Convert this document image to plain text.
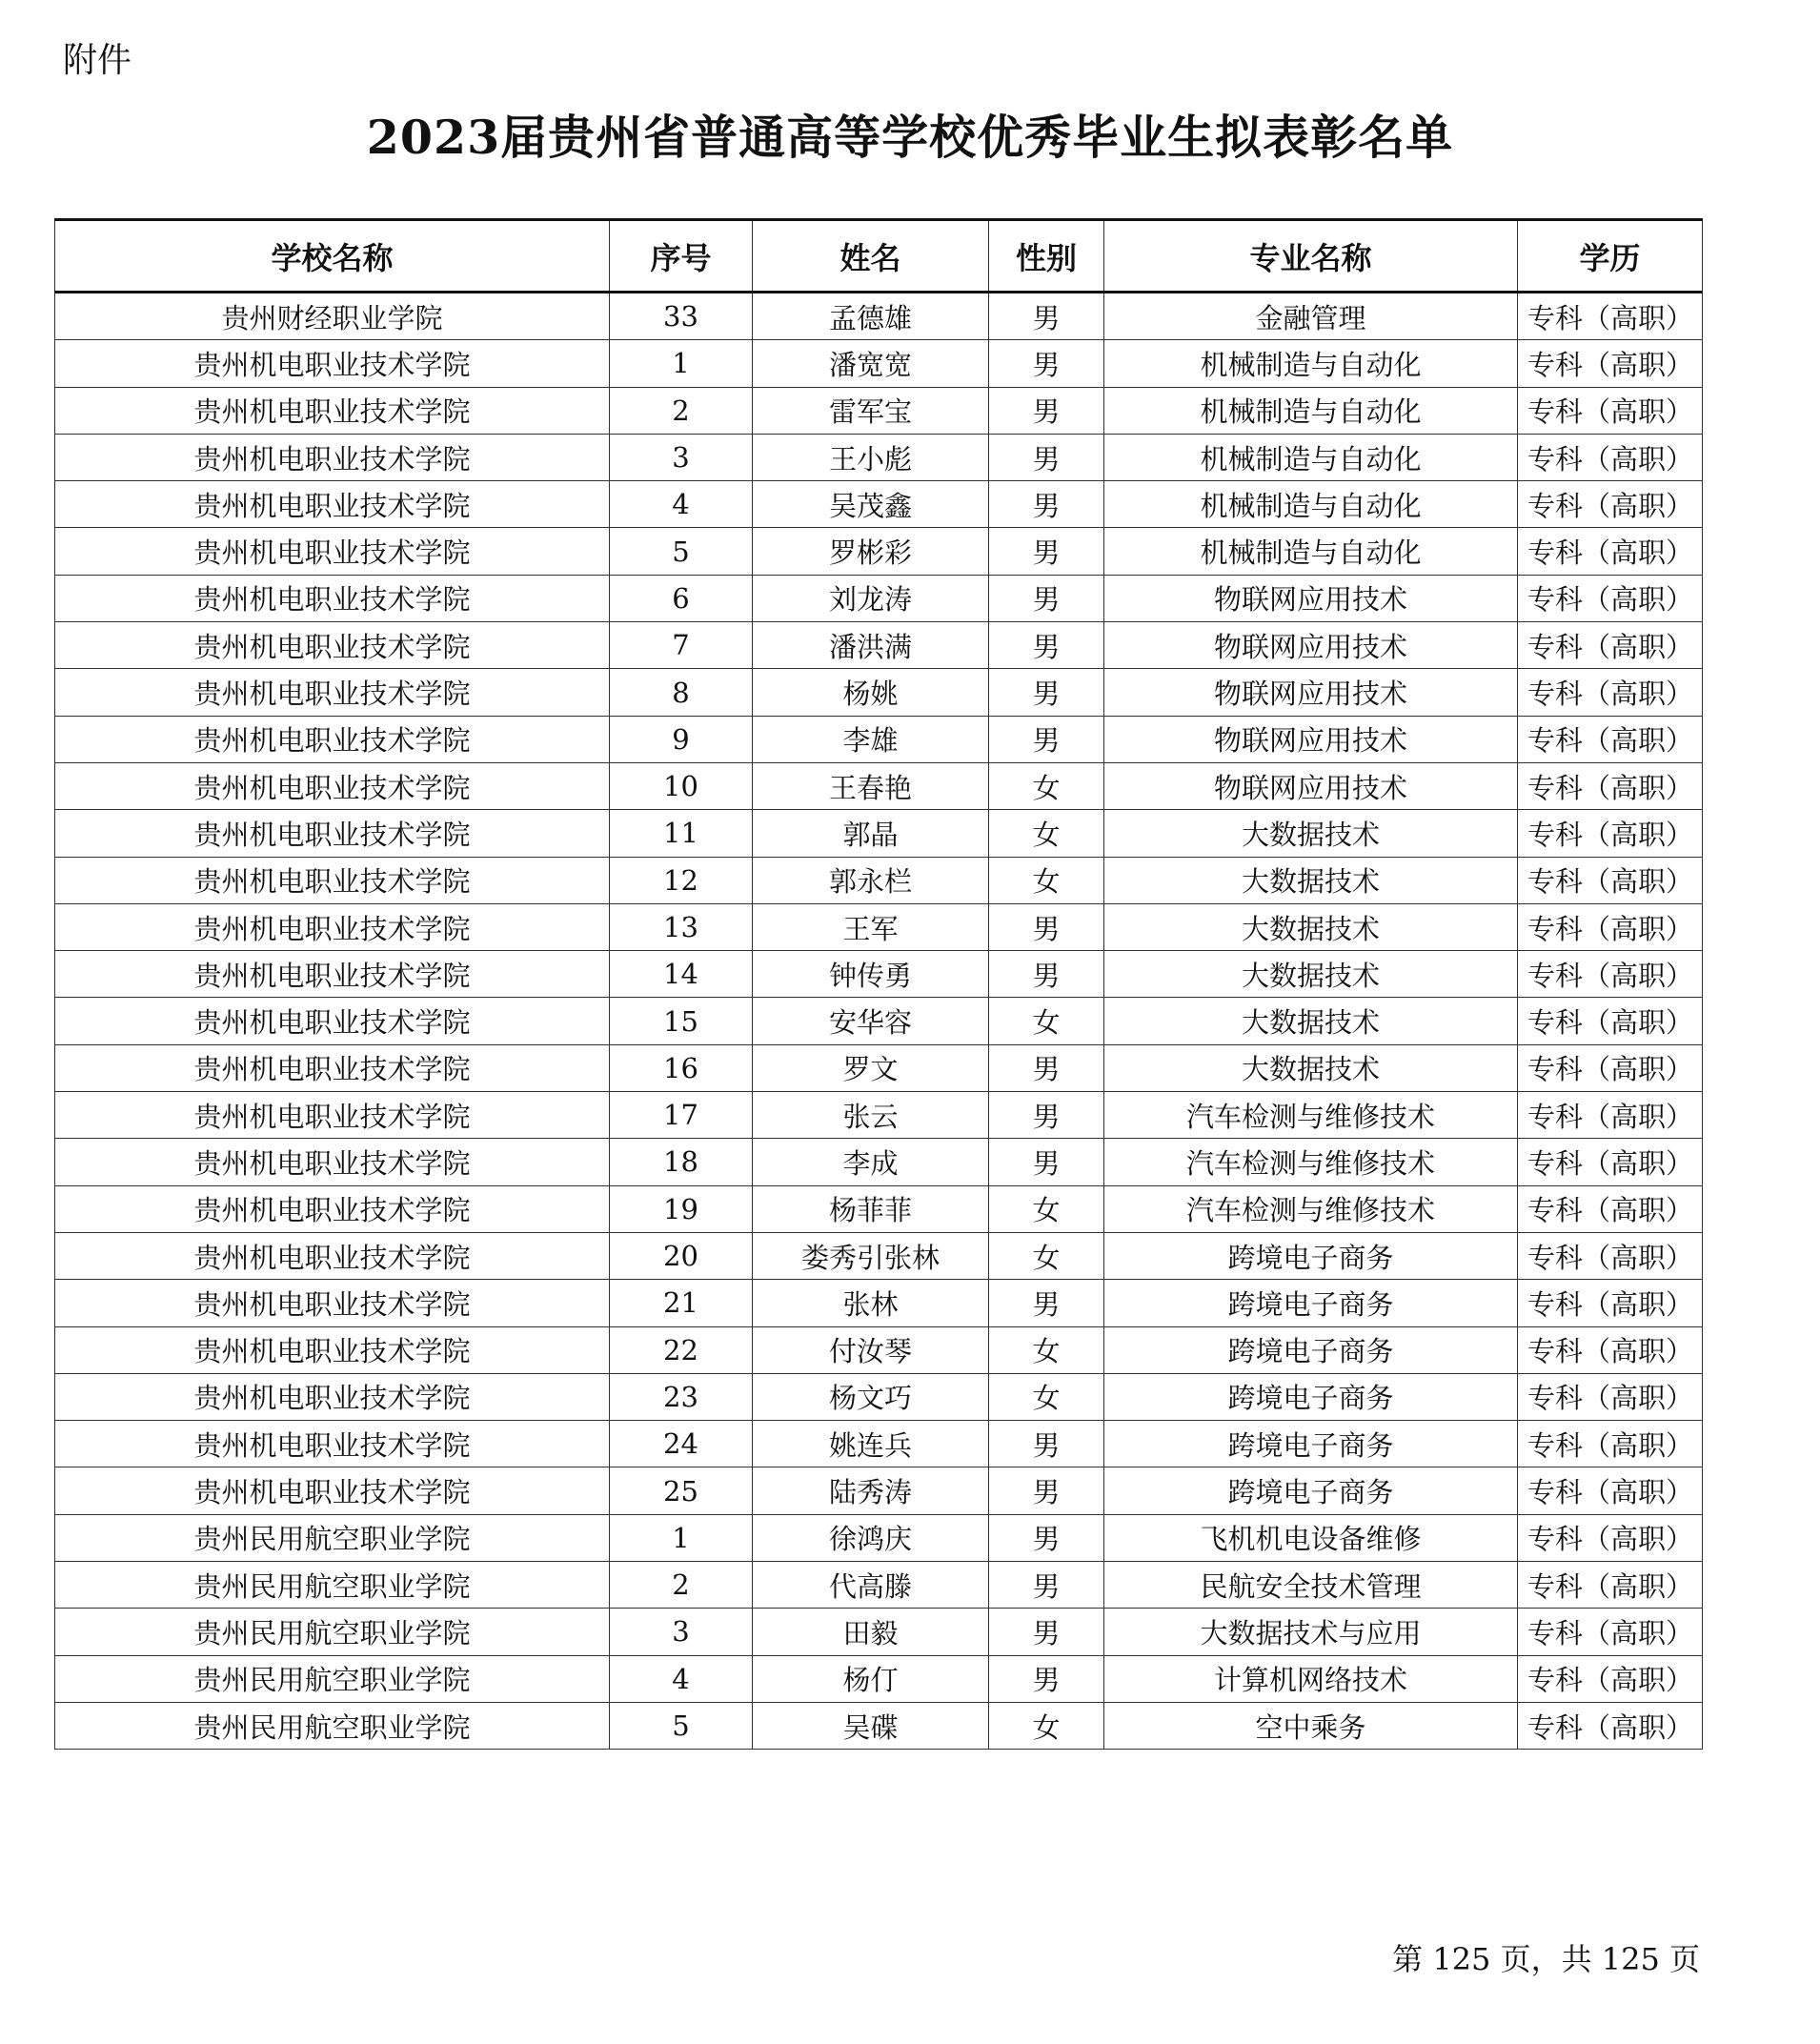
附件
2023届贵州省普通高等学校优秀毕业生拟表彰名单
学校名称	序号	姓名	性别	专业名称	学历
贵州财经职业学院	33	孟德雄	男	金融管理	专科（高职）
贵州机电职业技术学院	1	潘宽宽	男	机械制造与自动化	专科（高职）
贵州机电职业技术学院	2	雷军宝	男	机械制造与自动化	专科（高职）
贵州机电职业技术学院	3	王小彪	男	机械制造与自动化	专科（高职）
贵州机电职业技术学院	4	吴茂鑫	男	机械制造与自动化	专科（高职）
贵州机电职业技术学院	5	罗彬彩	男	机械制造与自动化	专科（高职）
贵州机电职业技术学院	6	刘龙涛	男	物联网应用技术	专科（高职）
贵州机电职业技术学院	7	潘洪满	男	物联网应用技术	专科（高职）
贵州机电职业技术学院	8	杨姚	男	物联网应用技术	专科（高职）
贵州机电职业技术学院	9	李雄	男	物联网应用技术	专科（高职）
贵州机电职业技术学院	10	王春艳	女	物联网应用技术	专科（高职）
贵州机电职业技术学院	11	郭晶	女	大数据技术	专科（高职）
贵州机电职业技术学院	12	郭永栏	女	大数据技术	专科（高职）
贵州机电职业技术学院	13	王军	男	大数据技术	专科（高职）
贵州机电职业技术学院	14	钟传勇	男	大数据技术	专科（高职）
贵州机电职业技术学院	15	安华容	女	大数据技术	专科（高职）
贵州机电职业技术学院	16	罗文	男	大数据技术	专科（高职）
贵州机电职业技术学院	17	张云	男	汽车检测与维修技术	专科（高职）
贵州机电职业技术学院	18	李成	男	汽车检测与维修技术	专科（高职）
贵州机电职业技术学院	19	杨菲菲	女	汽车检测与维修技术	专科（高职）
贵州机电职业技术学院	20	娄秀引张林	女	跨境电子商务	专科（高职）
贵州机电职业技术学院	21	张林	男	跨境电子商务	专科（高职）
贵州机电职业技术学院	22	付汝琴	女	跨境电子商务	专科（高职）
贵州机电职业技术学院	23	杨文巧	女	跨境电子商务	专科（高职）
贵州机电职业技术学院	24	姚连兵	男	跨境电子商务	专科（高职）
贵州机电职业技术学院	25	陆秀涛	男	跨境电子商务	专科（高职）
贵州民用航空职业学院	1	徐鸿庆	男	飞机机电设备维修	专科（高职）
贵州民用航空职业学院	2	代高滕	男	民航安全技术管理	专科（高职）
贵州民用航空职业学院	3	田毅	男	大数据技术与应用	专科（高职）
贵州民用航空职业学院	4	杨仃	男	计算机网络技术	专科（高职）
贵州民用航空职业学院	5	吴碟	女	空中乘务	专科（高职）
第 125 页，共 125 页
